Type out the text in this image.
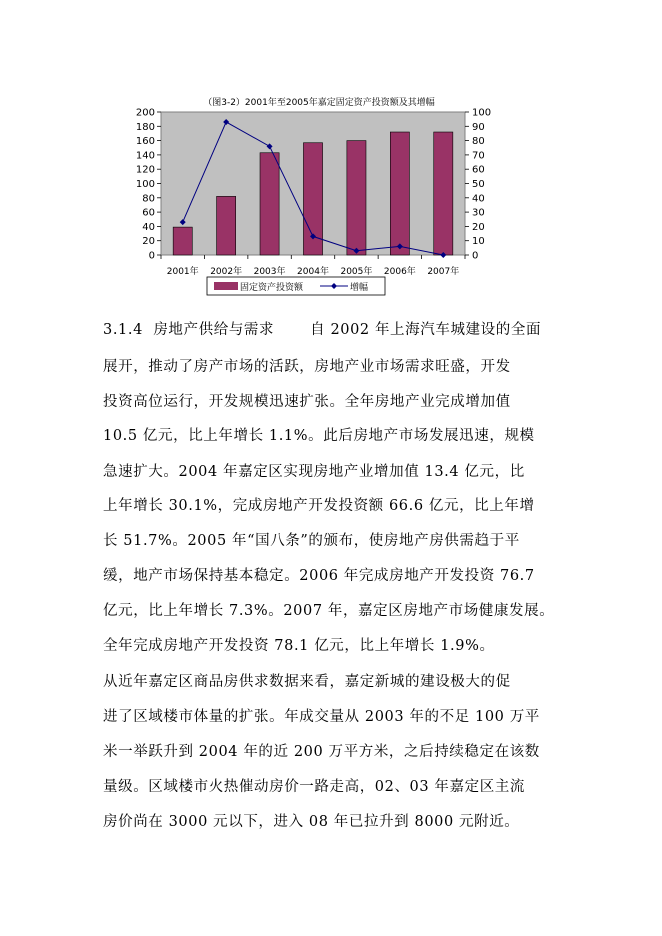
（图3-2）2001年至2005年嘉定固定资产投资额及其增幅
0
20
40
60
80
100
120
140
160
180
200
0
10
20
30
40
50
60
70
80
90
100
2001年 2002年 2003年 2004年 2005年 2006年 2007年
固定资产投资额	增幅
3.1.4 房地产供给与需求 自 2002 年上海汽车城建设的全面
展开，推动了房产市场的活跃，房地产业市场需求旺盛，开发
投资高位运行，开发规模迅速扩张。全年房地产业完成增加值
10.5 亿元，比上年增长 1.1%。此后房地产市场发展迅速，规模
急速扩大。2004 年嘉定区实现房地产业增加值 13.4 亿元，比
上年增长 30.1%，完成房地产开发投资额 66.6 亿元，比上年增
长 51.7%。2005 年“国八条”的颁布，使房地产房供需趋于平
缓，地产市场保持基本稳定。2006 年完成房地产开发投资 76.7
亿元，比上年增长 7.3%。2007 年，嘉定区房地产市场健康发展。
全年完成房地产开发投资 78.1 亿元，比上年增长 1.9%。
从近年嘉定区商品房供求数据来看，嘉定新城的建设极大的促
进了区域楼市体量的扩张。年成交量从 2003 年的不足 100 万平
米一举跃升到 2004 年的近 200 万平方米，之后持续稳定在该数
量级。区域楼市火热催动房价一路走高，02、03 年嘉定区主流
房价尚在 3000 元以下，进入 08 年已拉升到 8000 元附近。
